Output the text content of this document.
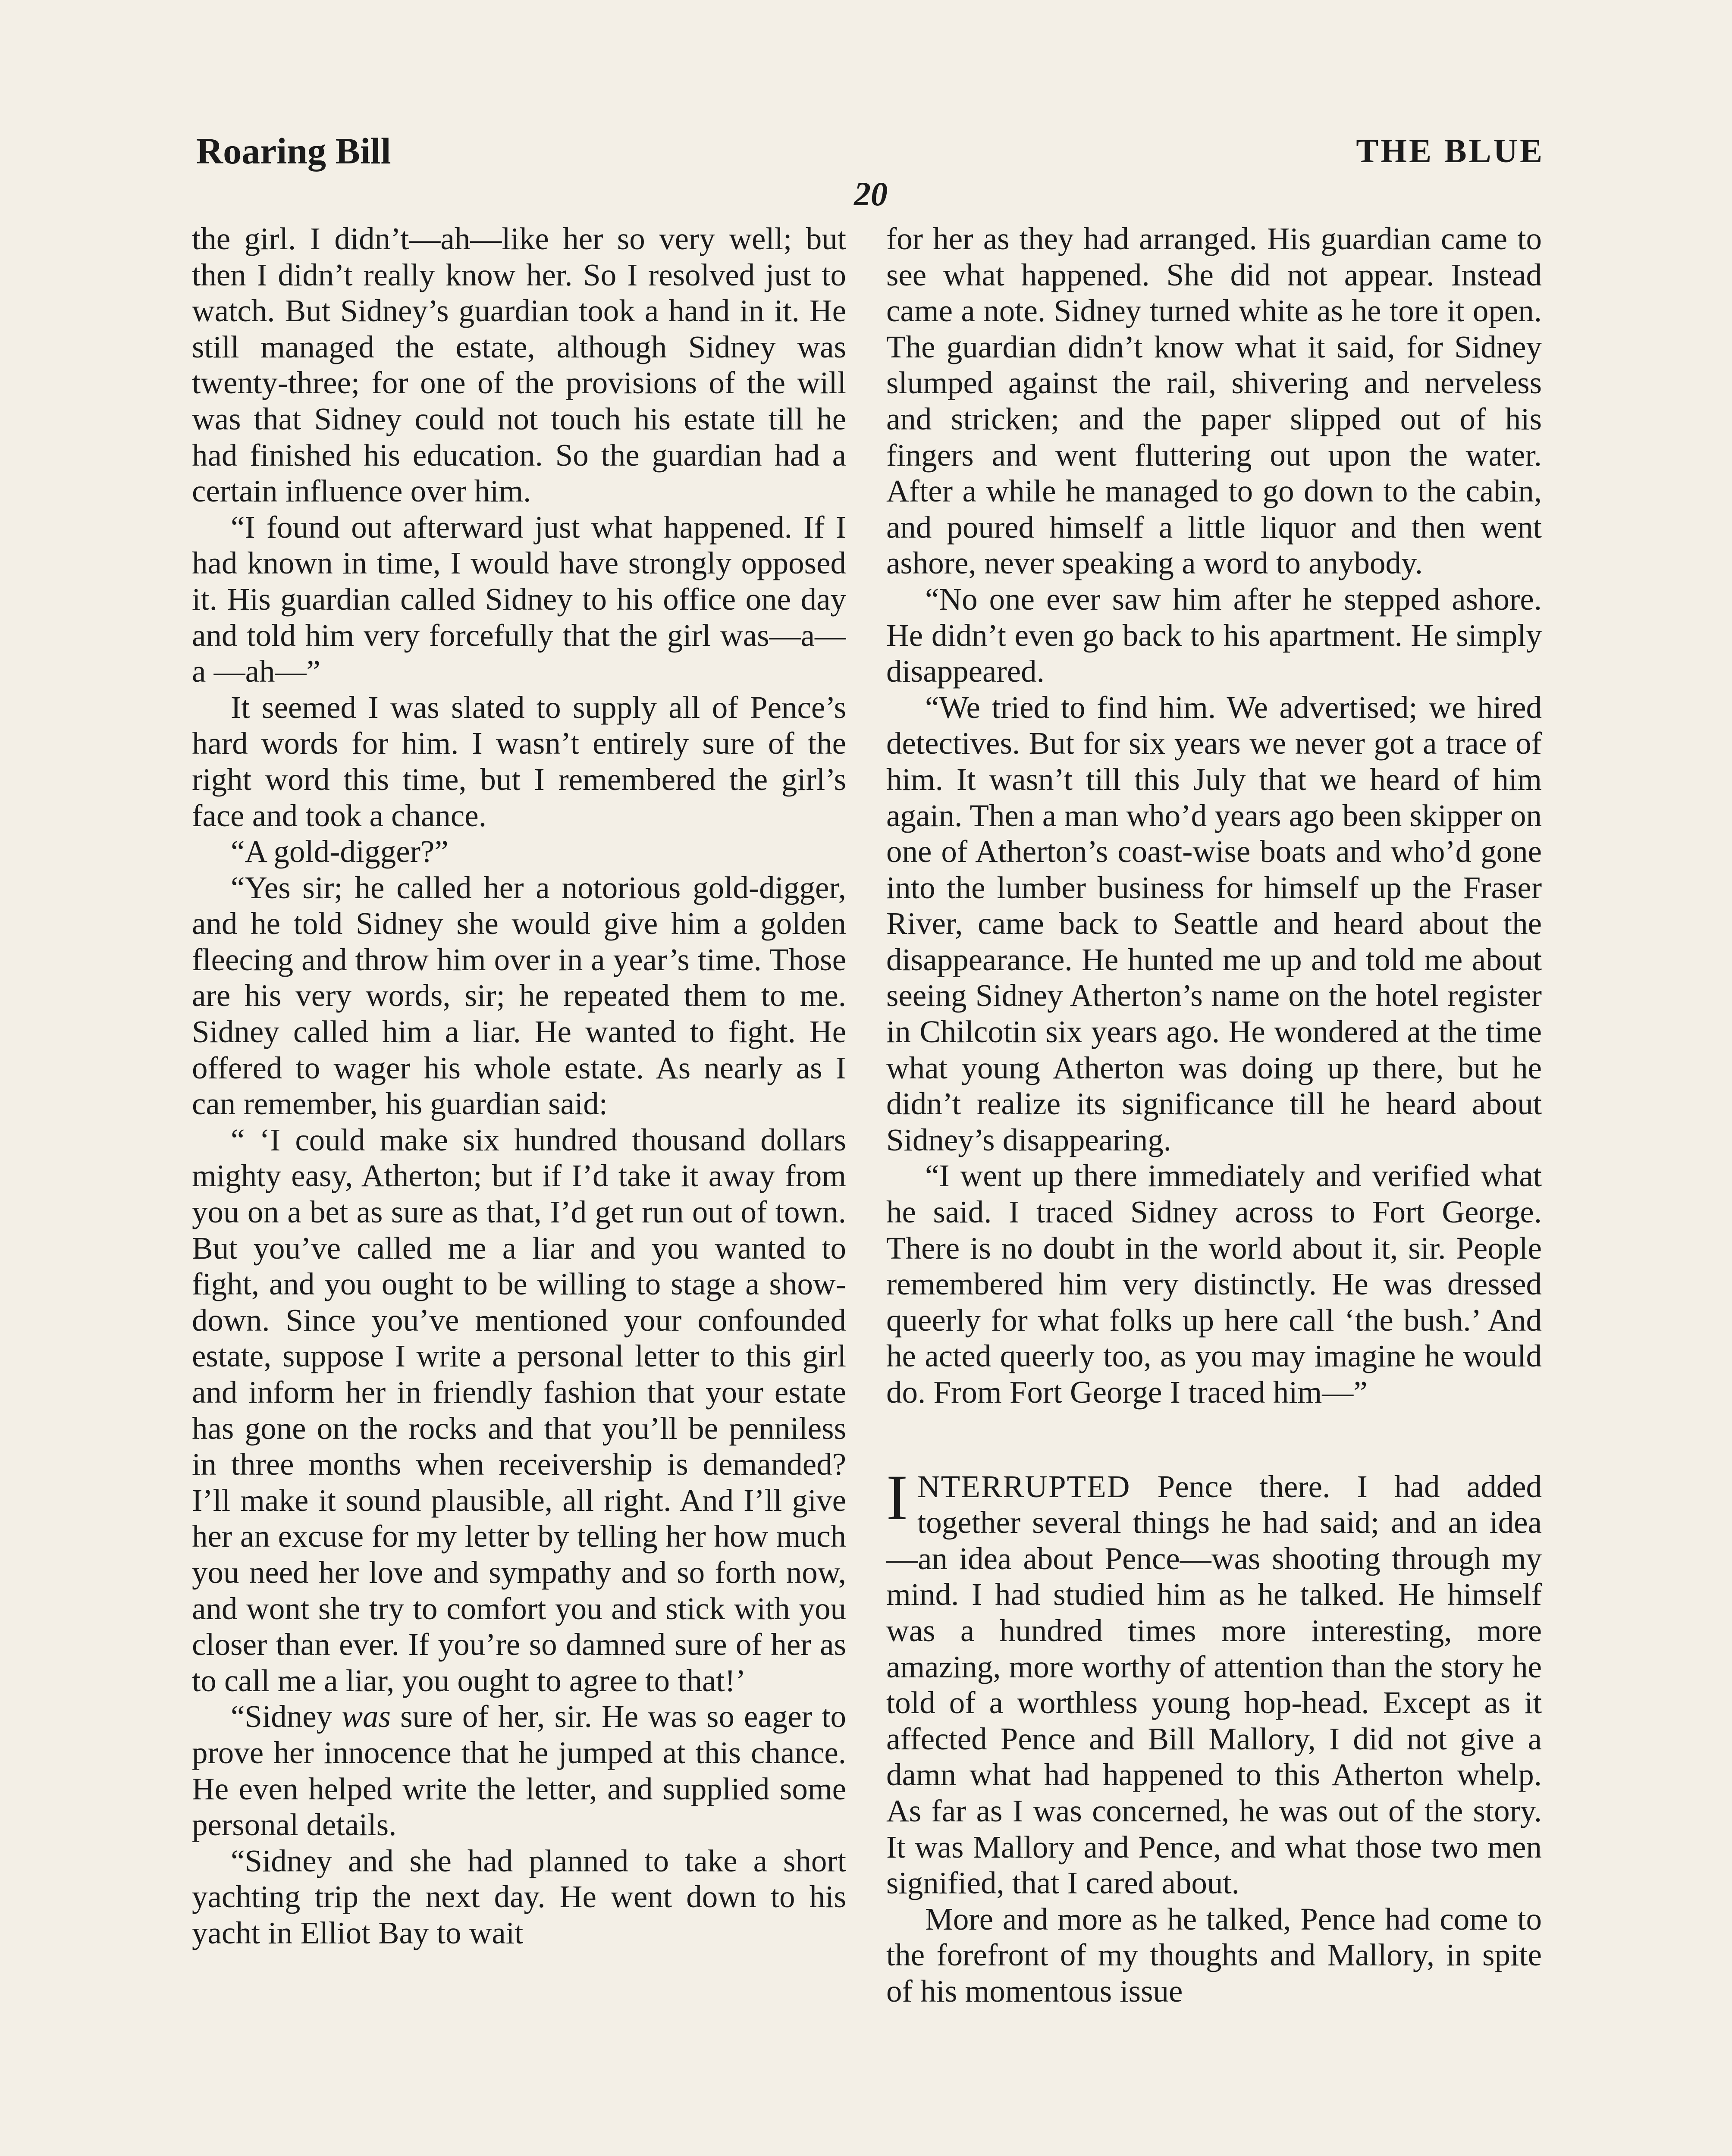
Roaring Bill	THE BLUE
20

the girl. I didn’t—ah—like her so very well; but then I didn’t really know her. So I resolved just to watch. But Sidney’s guardian took a hand in it. He still managed the estate, although Sidney was twenty-three; for one of the provisions of the will was that Sidney could not touch his estate till he had finished his education. So the guardian had a certain influence over him.

“I found out afterward just what happened. If I had known in time, I would have strongly opposed it. His guardian called Sidney to his office one day and told him very forcefully that the girl was—a—a —ah—”

It seemed I was slated to supply all of Pence’s hard words for him. I wasn’t entirely sure of the right word this time, but I remembered the girl’s face and took a chance.

“A gold-digger?”

“Yes sir; he called her a notorious gold-digger, and he told Sidney she would give him a golden fleecing and throw him over in a year’s time. Those are his very words, sir; he repeated them to me. Sidney called him a liar. He wanted to fight. He offered to wager his whole estate. As nearly as I can remember, his guardian said:

“ ‘I could make six hundred thousand dollars mighty easy, Atherton; but if I’d take it away from you on a bet as sure as that, I’d get run out of town. But you’ve called me a liar and you wanted to fight, and you ought to be willing to stage a show-down. Since you’ve mentioned your confounded estate, suppose I write a personal letter to this girl and inform her in friendly fashion that your estate has gone on the rocks and that you’ll be penniless in three months when receivership is demanded? I’ll make it sound plausible, all right. And I’ll give her an excuse for my letter by telling her how much you need her love and sympathy and so forth now, and wont she try to comfort you and stick with you closer than ever. If you’re so damned sure of her as to call me a liar, you ought to agree to that!’

“Sidney was sure of her, sir. He was so eager to prove her innocence that he jumped at this chance. He even helped write the letter, and supplied some personal details.

“Sidney and she had planned to take a short yachting trip the next day. He went down to his yacht in Elliot Bay to wait

for her as they had arranged. His guardian came to see what happened. She did not appear. Instead came a note. Sidney turned white as he tore it open. The guardian didn’t know what it said, for Sidney slumped against the rail, shivering and nerveless and stricken; and the paper slipped out of his fingers and went fluttering out upon the water. After a while he managed to go down to the cabin, and poured himself a little liquor and then went ashore, never speaking a word to anybody.

“No one ever saw him after he stepped ashore. He didn’t even go back to his apartment. He simply disappeared.

“We tried to find him. We advertised; we hired detectives. But for six years we never got a trace of him. It wasn’t till this July that we heard of him again. Then a man who’d years ago been skipper on one of Atherton’s coast-wise boats and who’d gone into the lumber business for himself up the Fraser River, came back to Seattle and heard about the disappearance. He hunted me up and told me about seeing Sidney Atherton’s name on the hotel register in Chilcotin six years ago. He wondered at the time what young Atherton was doing up there, but he didn’t realize its significance till he heard about Sidney’s disappearing.

“I went up there immediately and verified what he said. I traced Sidney across to Fort George. There is no doubt in the world about it, sir. People remembered him very distinctly. He was dressed queerly for what folks up here call ‘the bush.’ And he acted queerly too, as you may imagine he would do. From Fort George I traced him—”

INTERRUPTED Pence there. I had added together several things he had said; and an idea—an idea about Pence—was shooting through my mind. I had studied him as he talked. He himself was a hundred times more interesting, more amazing, more worthy of attention than the story he told of a worthless young hop-head. Except as it affected Pence and Bill Mallory, I did not give a damn what had happened to this Atherton whelp. As far as I was concerned, he was out of the story. It was Mallory and Pence, and what those two men signified, that I cared about.

More and more as he talked, Pence had come to the forefront of my thoughts and Mallory, in spite of his momentous issue
